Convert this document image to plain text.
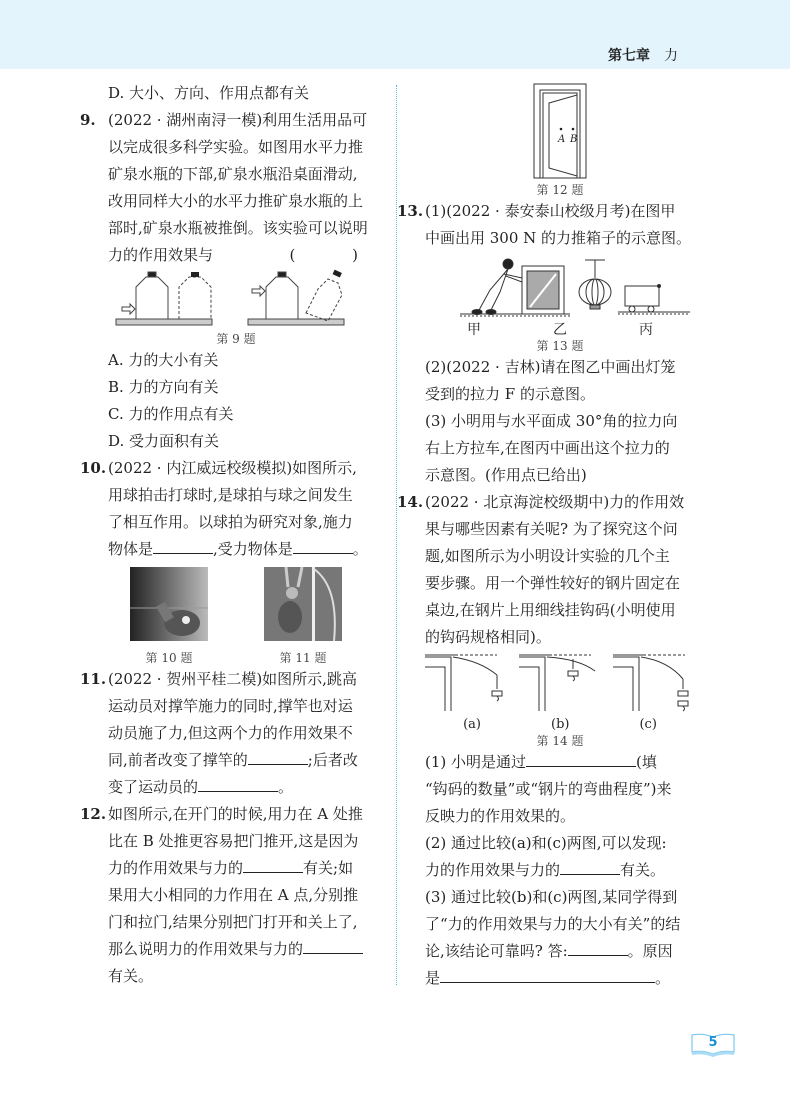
第七章 力
D. 大小、方向、作用点都有关
9. (2022 · 湖州南浔一模)利用生活用品可
以完成很多科学实验。如图用水平力推
矿泉水瓶的下部,矿泉水瓶沿桌面滑动,
改用同样大小的水平力推矿泉水瓶的上
部时,矿泉水瓶被推倒。该实验可以说明
力的作用效果与	( )
第 9 题
A. 力的大小有关
B. 力的方向有关
C. 力的作用点有关
D. 受力面积有关
10. (2022 · 内江威远校级模拟)如图所示,
用球拍击打球时,是球拍与球之间发生
了相互作用。以球拍为研究对象,施力
物体是	,受力物体是	。
第 10 题	第 11 题
11. (2022 · 贺州平桂二模)如图所示,跳高
运动员对撑竿施力的同时,撑竿也对运
动员施了力,但这两个力的作用效果不
同,前者改变了撑竿的	;后者改
变了运动员的	。
12. 如图所示,在开门的时候,用力在 A 处推
比在 B 处推更容易把门推开,这是因为
力的作用效果与力的	有关;如
果用大小相同的力作用在 A 点,分别推
门和拉门,结果分别把门打开和关上了,
那么说明力的作用效果与力的
有关。
A B
第 12 题
13. (1)(2022 · 泰安泰山校级月考)在图甲
中画出用 300 N 的力推箱子的示意图。
甲	乙	丙
第 13 题
(2)(2022 · 吉林)请在图乙中画出灯笼
受到的拉力 F 的示意图。
(3) 小明用与水平面成 30°角的拉力向
右上方拉车,在图丙中画出这个拉力的
示意图。(作用点已给出)
14. (2022 · 北京海淀校级期中)力的作用效
果与哪些因素有关呢? 为了探究这个问
题,如图所示为小明设计实验的几个主
要步骤。用一个弹性较好的钢片固定在
桌边,在钢片上用细线挂钩码(小明使用
的钩码规格相同)。
(a)	(b)	(c)
第 14 题
(1) 小明是通过	(填
“钩码的数量”或“钢片的弯曲程度”)来
反映力的作用效果的。
(2) 通过比较(a)和(c)两图,可以发现:
力的作用效果与力的	有关。
(3) 通过比较(b)和(c)两图,某同学得到
了“力的作用效果与力的大小有关”的结
论,该结论可靠吗? 答:	。原因
是	。
5
